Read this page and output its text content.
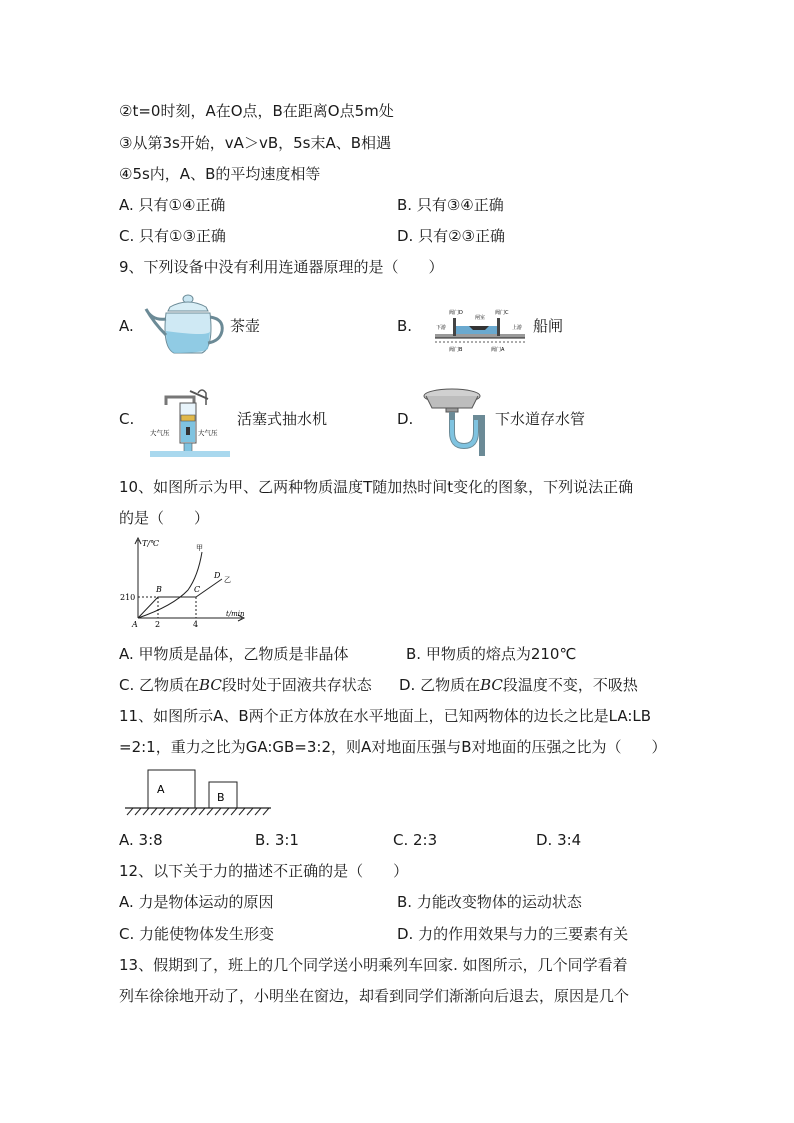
②t=0时刻，A在O点，B在距离O点5m处
③从第3s开始，vA＞vB，5s末A、B相遇
④5s内，A、B的平均速度相等
A. 只有①④正确	B. 只有③④正确
C. 只有①③正确	D. 只有②③正确
9、下列设备中没有利用连通器原理的是（　　）
A.	茶壶	B.
阀门D	阀门C
闸室
下游	上游
阀门B	阀门A
船闸
C.
大气压	大气压
活塞式抽水机	D.	下水道存水管
10、如图所示为甲、乙两种物质温度T随加热时间t变化的图象，下列说法正确
的是（　　）
T/℃
t/min
210
2	4
A
B	C
D
甲
乙
A. 甲物质是晶体，乙物质是非晶体	B. 甲物质的熔点为210℃
C. 乙物质在BC段时处于固液共存状态 D. 乙物质在BC段温度不变，不吸热
11、如图所示A、B两个正方体放在水平地面上，已知两物体的边长之比是LA:LB
=2:1，重力之比为GA:GB=3:2，则A对地面压强与B对地面的压强之比为（　　）
A
B
A. 3:8	B. 3:1	C. 2:3	D. 3:4
12、以下关于力的描述不正确的是（　　）
A. 力是物体运动的原因	B. 力能改变物体的运动状态
C. 力能使物体发生形变	D. 力的作用效果与力的三要素有关
13、假期到了，班上的几个同学送小明乘列车回家. 如图所示，几个同学看着
列车徐徐地开动了，小明坐在窗边，却看到同学们渐渐向后退去，原因是几个
